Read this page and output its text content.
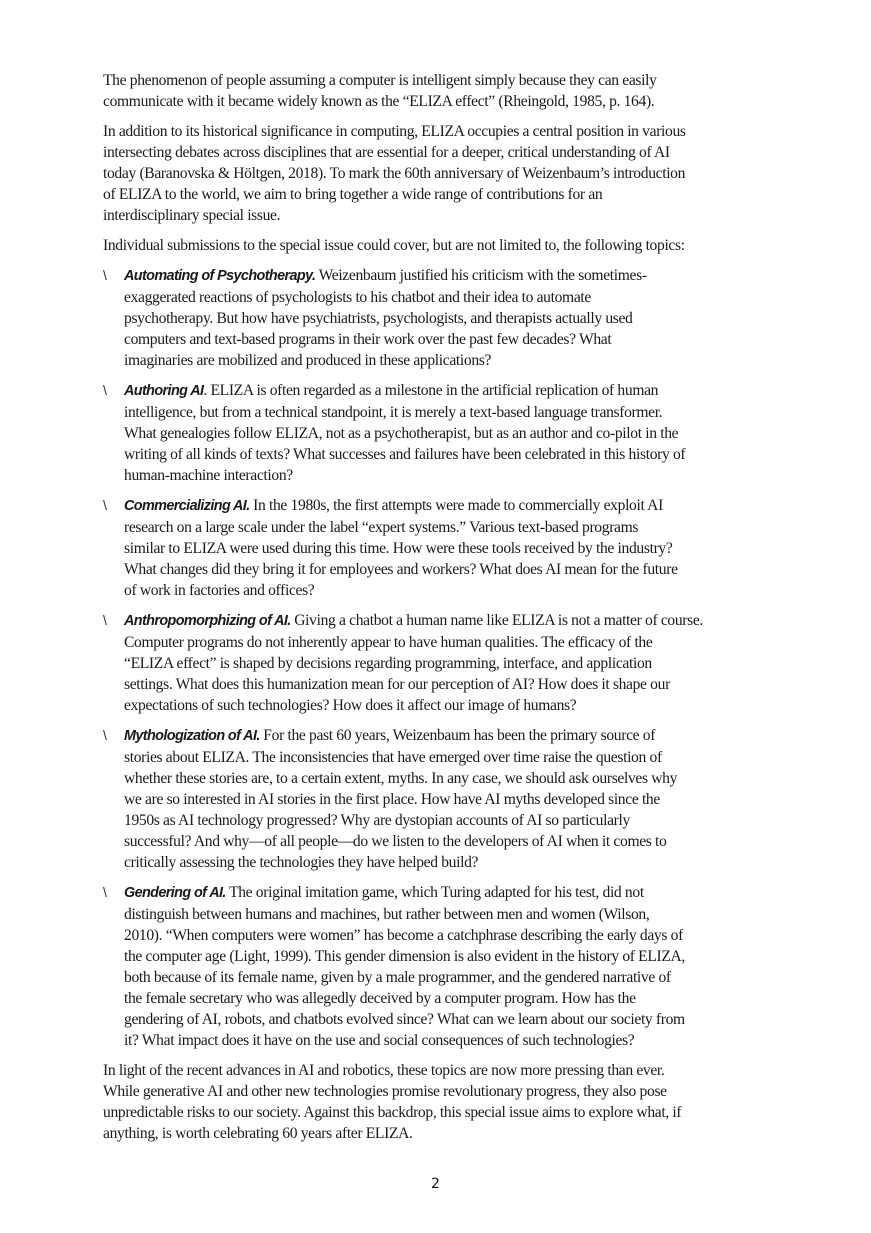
The phenomenon of people assuming a computer is intelligent simply because they can easily
communicate with it became widely known as the “ELIZA effect” (Rheingold, 1985, p. 164).

In addition to its historical significance in computing, ELIZA occupies a central position in various
intersecting debates across disciplines that are essential for a deeper, critical understanding of AI
today (Baranovska & Höltgen, 2018). To mark the 60th anniversary of Weizenbaum’s introduction
of ELIZA to the world, we aim to bring together a wide range of contributions for an
interdisciplinary special issue.

Individual submissions to the special issue could cover, but are not limited to, the following topics:

\ Automating of Psychotherapy. Weizenbaum justified his criticism with the sometimes-
exaggerated reactions of psychologists to his chatbot and their idea to automate
psychotherapy. But how have psychiatrists, psychologists, and therapists actually used
computers and text-based programs in their work over the past few decades? What
imaginaries are mobilized and produced in these applications?
\ Authoring AI. ELIZA is often regarded as a milestone in the artificial replication of human
intelligence, but from a technical standpoint, it is merely a text-based language transformer.
What genealogies follow ELIZA, not as a psychotherapist, but as an author and co-pilot in the
writing of all kinds of texts? What successes and failures have been celebrated in this history of
human-machine interaction?
\ Commercializing AI. In the 1980s, the first attempts were made to commercially exploit AI
research on a large scale under the label “expert systems.” Various text-based programs
similar to ELIZA were used during this time. How were these tools received by the industry?
What changes did they bring it for employees and workers? What does AI mean for the future
of work in factories and offices?
\ Anthropomorphizing of AI. Giving a chatbot a human name like ELIZA is not a matter of course.
Computer programs do not inherently appear to have human qualities. The efficacy of the
“ELIZA effect” is shaped by decisions regarding programming, interface, and application
settings. What does this humanization mean for our perception of AI? How does it shape our
expectations of such technologies? How does it affect our image of humans?
\ Mythologization of AI. For the past 60 years, Weizenbaum has been the primary source of
stories about ELIZA. The inconsistencies that have emerged over time raise the question of
whether these stories are, to a certain extent, myths. In any case, we should ask ourselves why
we are so interested in AI stories in the first place. How have AI myths developed since the
1950s as AI technology progressed? Why are dystopian accounts of AI so particularly
successful? And why—of all people—do we listen to the developers of AI when it comes to
critically assessing the technologies they have helped build?
\ Gendering of AI. The original imitation game, which Turing adapted for his test, did not
distinguish between humans and machines, but rather between men and women (Wilson,
2010). “When computers were women” has become a catchphrase describing the early days of
the computer age (Light, 1999). This gender dimension is also evident in the history of ELIZA,
both because of its female name, given by a male programmer, and the gendered narrative of
the female secretary who was allegedly deceived by a computer program. How has the
gendering of AI, robots, and chatbots evolved since? What can we learn about our society from
it? What impact does it have on the use and social consequences of such technologies?

In light of the recent advances in AI and robotics, these topics are now more pressing than ever.
While generative AI and other new technologies promise revolutionary progress, they also pose
unpredictable risks to our society. Against this backdrop, this special issue aims to explore what, if
anything, is worth celebrating 60 years after ELIZA.

2
